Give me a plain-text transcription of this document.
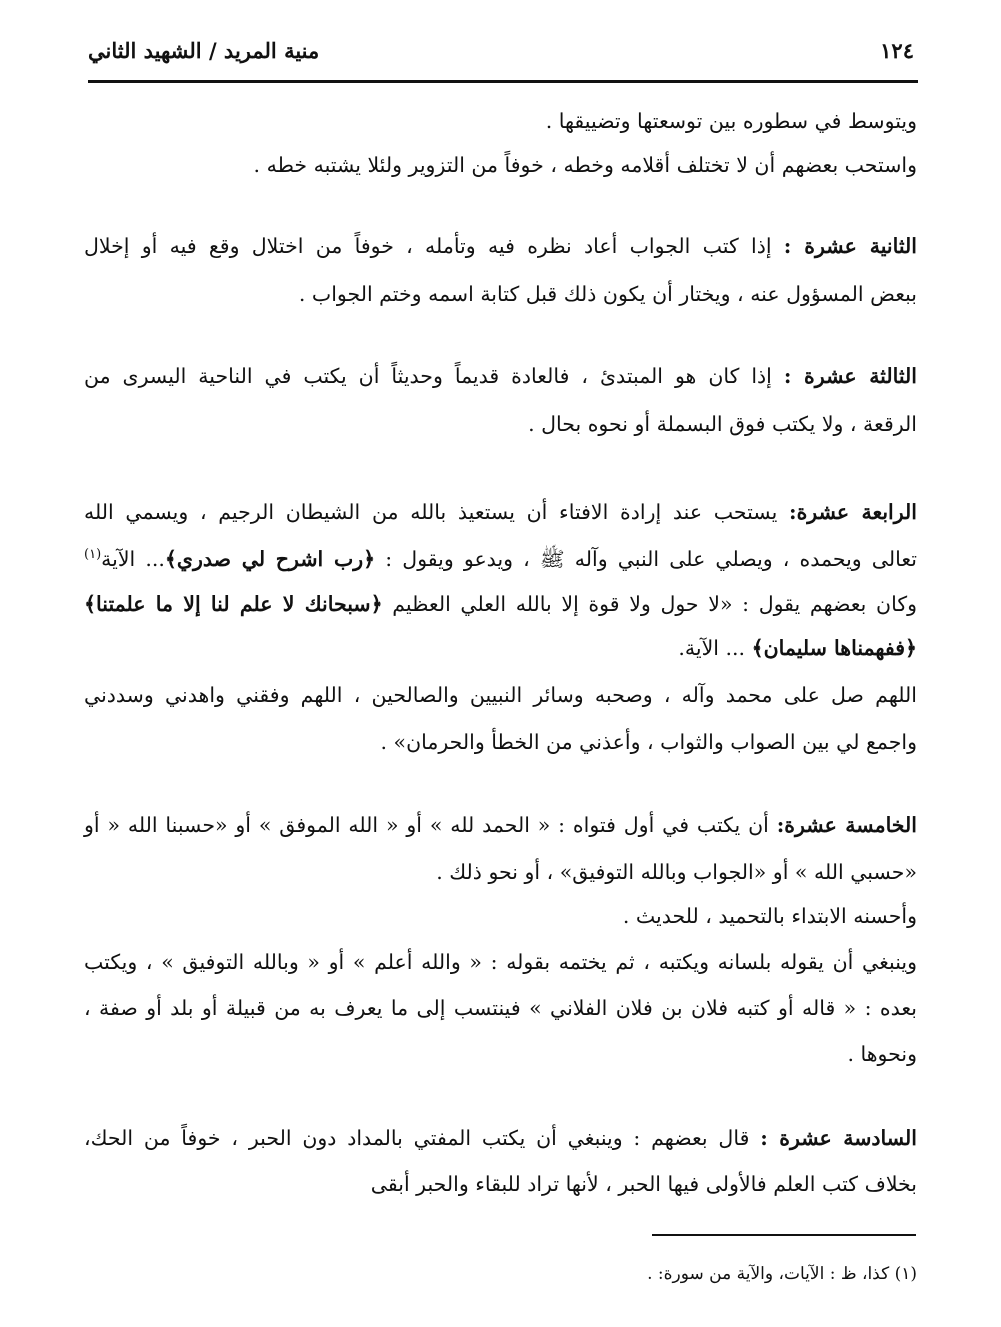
منية المريد / الشهيد الثاني	١٢٤
ويتوسط في سطوره بين توسعتها وتضييقها .
واستحب بعضهم أن لا تختلف أقلامه وخطه ، خوفاً من التزوير ولئلا يشتبه خطه .
الثانية عشرة : إذا كتب الجواب أعاد نظره فيه وتأمله ، خوفاً من اختلال وقع فيه أو إخلال
ببعض المسؤول عنه ، ويختار أن يكون ذلك قبل كتابة اسمه وختم الجواب .
الثالثة عشرة : إذا كان هو المبتدئ ، فالعادة قديماً وحديثاً أن يكتب في الناحية اليسرى من
الرقعة ، ولا يكتب فوق البسملة أو نحوه بحال .
الرابعة عشرة: يستحب عند إرادة الافتاء أن يستعيذ بالله من الشيطان الرجيم ، ويسمي الله
تعالى ويحمده ، ويصلي على النبي وآله ﷺ ، ويدعو ويقول : ﴿رب اشرح لي صدري﴾... الآية$^{(١)}$
وكان بعضهم يقول : «لا حول ولا قوة إلا بالله العلي العظيم ﴿سبحانك لا علم لنا إلا ما علمتنا﴾
﴿ففهمناها سليمان﴾ ... الآية.
اللهم صل على محمد وآله ، وصحبه وسائر النبيين والصالحين ، اللهم وفقني واهدني وسددني
واجمع لي بين الصواب والثواب ، وأعذني من الخطأ والحرمان» .
الخامسة عشرة: أن يكتب في أول فتواه : « الحمد لله » أو « الله الموفق » أو «حسبنا الله « أو
«حسبي الله » أو «الجواب وبالله التوفيق» ، أو نحو ذلك .
وأحسنه الابتداء بالتحميد ، للحديث .
وينبغي أن يقوله بلسانه ويكتبه ، ثم يختمه بقوله : « والله أعلم » أو « وبالله التوفيق » ، ويكتب
بعده : « قاله أو كتبه فلان بن فلان الفلاني » فينتسب إلى ما يعرف به من قبيلة أو بلد أو صفة ،
ونحوها .
السادسة عشرة : قال بعضهم : وينبغي أن يكتب المفتي بالمداد دون الحبر ، خوفاً من الحك،
بخلاف كتب العلم فالأولى فيها الحبر ، لأنها تراد للبقاء والحبر أبقى
(١) كذا، ظ : الآيات، والآية من سورة: .
